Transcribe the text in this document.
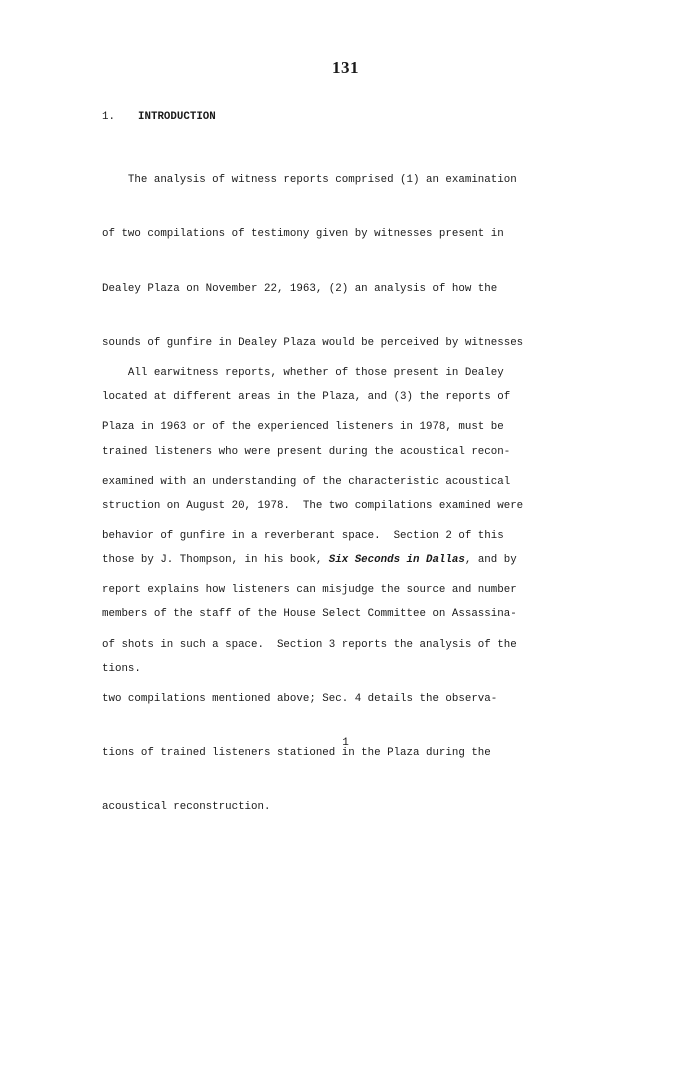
131
1.	INTRODUCTION

The analysis of witness reports comprised (1) an examination

of two compilations of testimony given by witnesses present in

Dealey Plaza on November 22, 1963, (2) an analysis of how the

sounds of gunfire in Dealey Plaza would be perceived by witnesses

located at different areas in the Plaza, and (3) the reports of

trained listeners who were present during the acoustical recon-

struction on August 20, 1978.  The two compilations examined were

those by J. Thompson, in his book, Six Seconds in Dallas, and by

members of the staff of the House Select Committee on Assassina-

tions.

All earwitness reports, whether of those present in Dealey

Plaza in 1963 or of the experienced listeners in 1978, must be

examined with an understanding of the characteristic acoustical

behavior of gunfire in a reverberant space.  Section 2 of this

report explains how listeners can misjudge the source and number

of shots in such a space.  Section 3 reports the analysis of the

two compilations mentioned above; Sec. 4 details the observa-

tions of trained listeners stationed in the Plaza during the

acoustical reconstruction.

1
